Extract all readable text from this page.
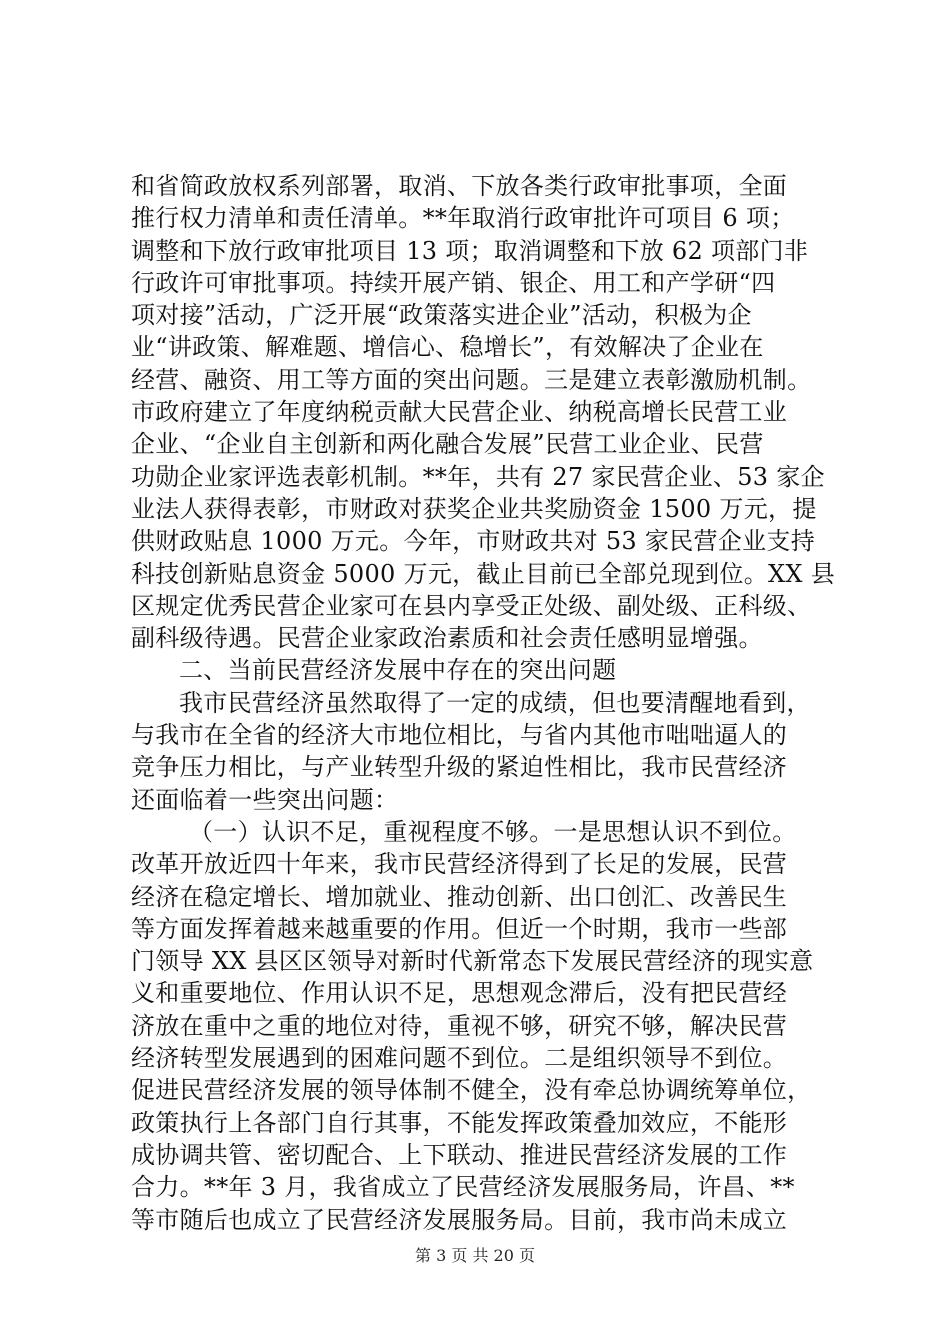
和省简政放权系列部署，取消、下放各类行政审批事项，全面
推行权力清单和责任清单。**年取消行政审批许可项目 6 项；
调整和下放行政审批项目 13 项；取消调整和下放 62 项部门非
行政许可审批事项。持续开展产销、银企、用工和产学研“四
项对接”活动，广泛开展“政策落实进企业”活动，积极为企
业“讲政策、解难题、增信心、稳增长”，有效解决了企业在
经营、融资、用工等方面的突出问题。三是建立表彰激励机制。
市政府建立了年度纳税贡献大民营企业、纳税高增长民营工业
企业、“企业自主创新和两化融合发展”民营工业企业、民营
功勋企业家评选表彰机制。**年，共有 27 家民营企业、53 家企
业法人获得表彰，市财政对获奖企业共奖励资金 1500 万元，提
供财政贴息 1000 万元。今年，市财政共对 53 家民营企业支持
科技创新贴息资金 5000 万元，截止目前已全部兑现到位。XX 县
区规定优秀民营企业家可在县内享受正处级、副处级、正科级、
副科级待遇。民营企业家政治素质和社会责任感明显增强。
二、当前民营经济发展中存在的突出问题
我市民营经济虽然取得了一定的成绩，但也要清醒地看到，
与我市在全省的经济大市地位相比，与省内其他市咄咄逼人的
竞争压力相比，与产业转型升级的紧迫性相比，我市民营经济
还面临着一些突出问题：
（一）认识不足，重视程度不够。一是思想认识不到位。
改革开放近四十年来，我市民营经济得到了长足的发展，民营
经济在稳定增长、增加就业、推动创新、出口创汇、改善民生
等方面发挥着越来越重要的作用。但近一个时期，我市一些部
门领导 XX 县区区领导对新时代新常态下发展民营经济的现实意
义和重要地位、作用认识不足，思想观念滞后，没有把民营经
济放在重中之重的地位对待，重视不够，研究不够，解决民营
经济转型发展遇到的困难问题不到位。二是组织领导不到位。
促进民营经济发展的领导体制不健全，没有牵总协调统筹单位，
政策执行上各部门自行其事，不能发挥政策叠加效应，不能形
成协调共管、密切配合、上下联动、推进民营经济发展的工作
合力。**年 3 月，我省成立了民营经济发展服务局，许昌、**
等市随后也成立了民营经济发展服务局。目前，我市尚未成立
第 3 页 共 20 页
